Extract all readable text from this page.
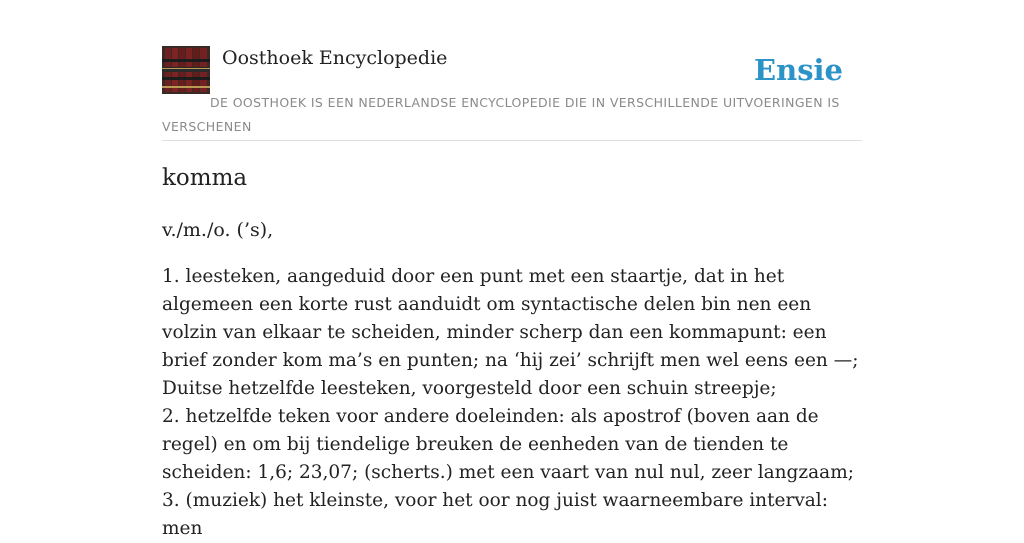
Oosthoek Encyclopedie	Ensie
DE OOSTHOEK IS EEN NEDERLANDSE ENCYCLOPEDIE DIE IN VERSCHILLENDE UITVOERINGEN IS VERSCHENEN
komma
v./m./o. (’s),

1. leesteken, aangeduid door een punt met een staartje, dat in het algemeen een korte rust aanduidt om syntactische delen bin nen een volzin van elkaar te scheiden, minder scherp dan een kommapunt: een brief zonder kom ma’s en punten; na ‘hij zei’ schrijft men wel eens een —; Duitse hetzelfde leesteken, voorgesteld door een schuin streepje;

2. hetzelfde teken voor andere doeleinden: als apostrof (boven aan de regel) en om bij tiendelige breuken de eenheden van de tienden te scheiden: 1,6; 23,07; (scherts.) met een vaart van nul nul, zeer langzaam;

3. (muziek) het kleinste, voor het oor nog juist waarneembare interval: men
